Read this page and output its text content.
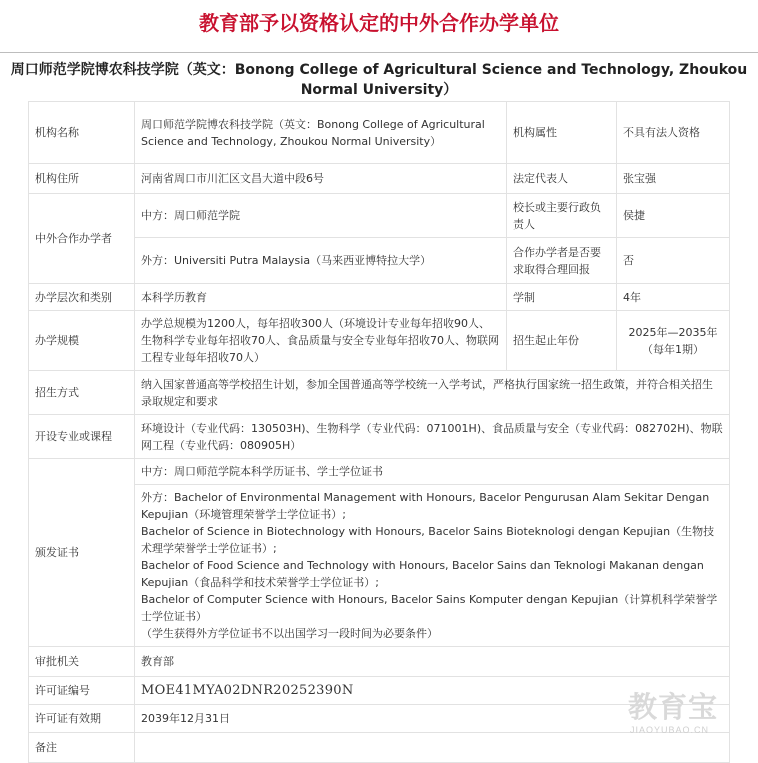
教育部予以资格认定的中外合作办学单位
周口师范学院博农科技学院（英文：Bonong College of Agricultural Science and Technology, Zhoukou Normal University）
机构名称	周口师范学院博农科技学院（英文：Bonong College of Agricultural Science and Technology, Zhoukou Normal University）	机构属性	不具有法人资格
机构住所	河南省周口市川汇区文昌大道中段6号	法定代表人	张宝强
中外合作办学者	中方：周口师范学院	校长或主要行政负责人	侯捷
	外方：Universiti Putra Malaysia（马来西亚博特拉大学）	合作办学者是否要求取得合理回报	否
办学层次和类别	本科学历教育	学制	4年
办学规模	办学总规模为1200人，每年招收300人（环境设计专业每年招收90人、生物科学专业每年招收70人、食品质量与安全专业每年招收70人、物联网工程专业每年招收70人）	招生起止年份	2025年—2035年（每年1期）
招生方式	纳入国家普通高等学校招生计划，参加全国普通高等学校统一入学考试，严格执行国家统一招生政策，并符合相关招生录取规定和要求		
开设专业或课程	环境设计（专业代码：130503H)、生物科学（专业代码：071001H)、食品质量与安全（专业代码：082702H)、物联网工程（专业代码：080905H）		
颁发证书	中方：周口师范学院本科学历证书、学士学位证书		

	外方：Bachelor of Environmental Management with Honours, Bacelor Pengurusan Alam Sekitar Dengan Kepujian（环境管理荣誉学士学位证书）;
Bachelor of Science in Biotechnology with Honours, Bacelor Sains Bioteknologi dengan Kepujian（生物技术理学荣誉学士学位证书）;
Bachelor of Food Science and Technology with Honours, Bacelor Sains dan Teknologi Makanan dengan Kepujian（食品科学和技术荣誉学士学位证书）;
Bachelor of Computer Science with Honours, Bacelor Sains Komputer dengan Kepujian（计算机科学荣誉学士学位证书）
（学生获得外方学位证书不以出国学习一段时间为必要条件）		

审批机关	教育部		
许可证编号	MOE41MYA02DNR20252390N		
许可证有效期	2039年12月31日		
备注			
教育宝
JIAOYUBAO.CN
